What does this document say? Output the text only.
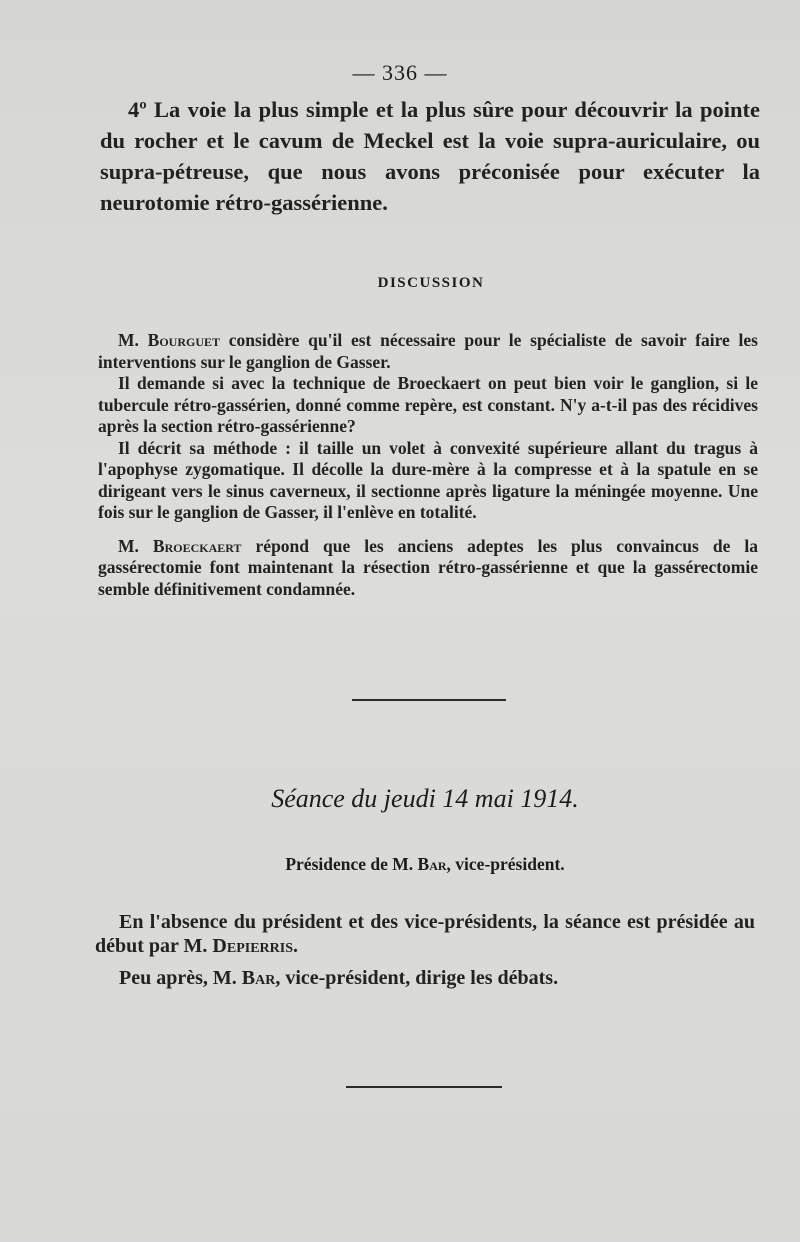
— 336 —
4º La voie la plus simple et la plus sûre pour découvrir la pointe du rocher et le cavum de Meckel est la voie supra-auriculaire, ou supra-pétreuse, que nous avons préconisée pour exécuter la neurotomie rétro-gassérienne.
DISCUSSION

M. Bourguet considère qu'il est nécessaire pour le spécialiste de savoir faire les interventions sur le ganglion de Gasser.

Il demande si avec la technique de Broeckaert on peut bien voir le ganglion, si le tubercule rétro-gassérien, donné comme repère, est constant. N'y a-t-il pas des récidives après la section rétro-gassérienne?

Il décrit sa méthode : il taille un volet à convexité supérieure allant du tragus à l'apophyse zygomatique. Il décolle la dure-mère à la compresse et à la spatule en se dirigeant vers le sinus caverneux, il sectionne après ligature la méningée moyenne. Une fois sur le ganglion de Gasser, il l'enlève en totalité.

M. Broeckaert répond que les anciens adeptes les plus convaincus de la gassérectomie font maintenant la résection rétro-gassérienne et que la gassérectomie semble définitivement condamnée.

Séance du jeudi 14 mai 1914.
Présidence de M. Bar, vice-président.

En l'absence du président et des vice-présidents, la séance est présidée au début par M. Depierris.

Peu après, M. Bar, vice-président, dirige les débats.
